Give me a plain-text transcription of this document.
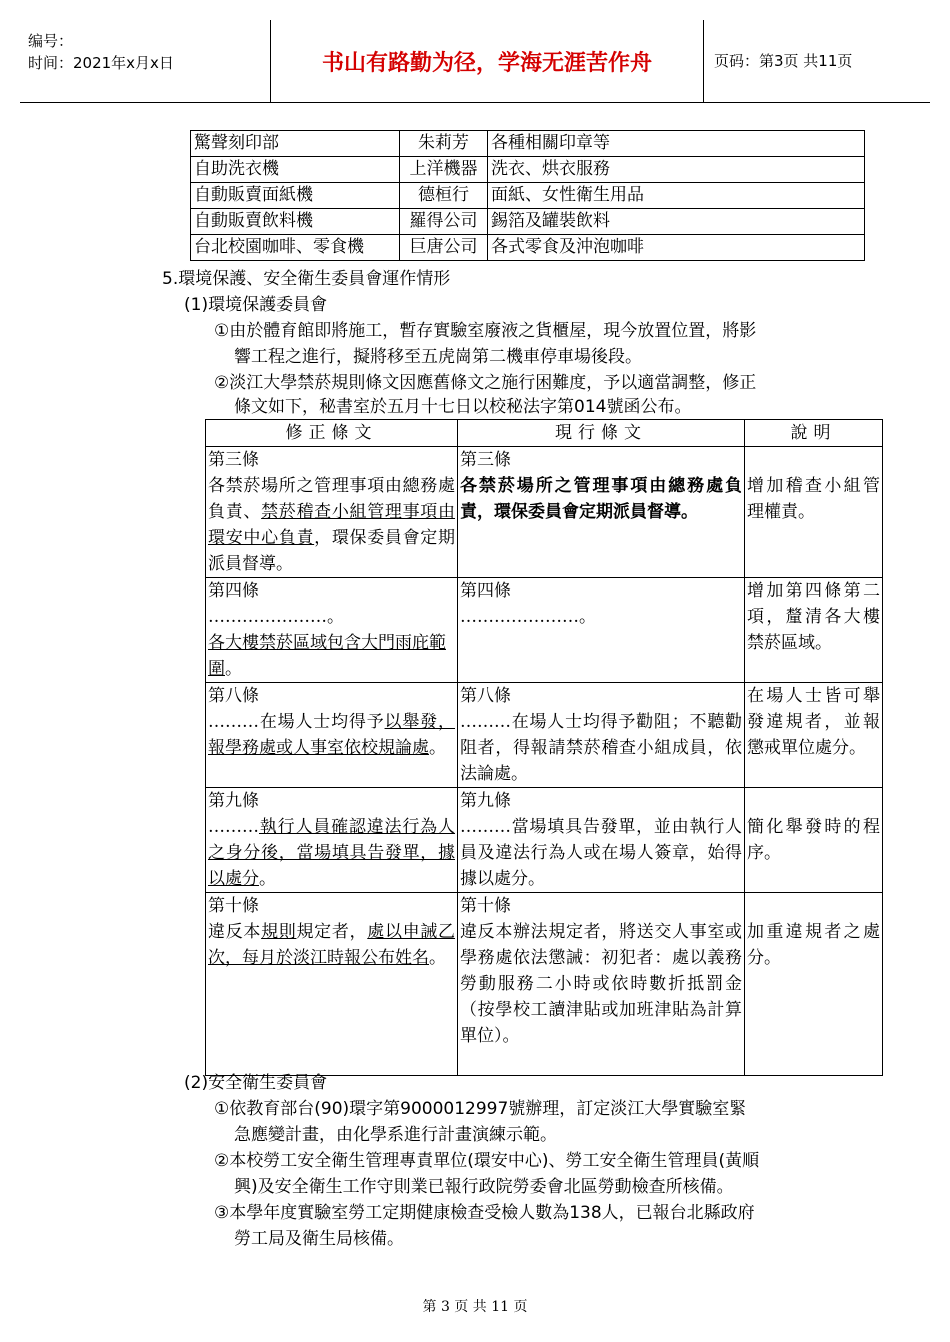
编号：
时间：2021年x月x日	书山有路勤为径，学海无涯苦作舟	页码：第3页 共11页
驚聲刻印部	朱莉芳	各種相關印章等
自助洗衣機	上洋機器	洗衣、烘衣服務
自動販賣面紙機	德桓行	面紙、女性衛生用品
自動販賣飲料機	羅得公司	錫箔及罐裝飲料
台北校園咖啡、零食機	巨唐公司	各式零食及沖泡咖啡
5.環境保護、安全衛生委員會運作情形
(1)環境保護委員會
①由於體育館即將施工，暫存實驗室廢液之貨櫃屋，現今放置位置，將影
響工程之進行，擬將移至五虎崗第二機車停車場後段。
②淡江大學禁菸規則條文因應舊條文之施行困難度，予以適當調整，修正
條文如下，秘書室於五月十七日以校秘法字第014號函公布。
修正條文	現行條文	說明

第三條
各禁菸場所之管理事項由總務處負責、禁菸稽查小組管理事項由環安中心負責，環保委員會定期派員督導。	第三條
各禁菸場所之管理事項由總務處負責，環保委員會定期派員督導。	增加稽查小組管理權責。

第四條
…………………。
各大樓禁菸區域包含大門雨庇範圍。	第四條
…………………。	增加第四條第二項，釐清各大樓禁菸區域。

第八條
………在場人士均得予以舉發，報學務處或人事室依校規論處。	第八條
………在場人士均得予勸阻；不聽勸阻者，得報請禁菸稽查小組成員，依法論處。	在場人士皆可舉發違規者，並報懲戒單位處分。

第九條
………執行人員確認違法行為人之身分後，當場填具告發單，據以處分。	第九條
………當場填具告發單，並由執行人員及違法行為人或在場人簽章，始得據以處分。	簡化舉發時的程序。

第十條
違反本規則規定者，處以申誡乙次，每月於淡江時報公布姓名。	第十條
違反本辦法規定者，將送交人事室或學務處依法懲誡：初犯者：處以義務勞動服務二小時或依時數折抵罰金（按學校工讀津貼或加班津貼為計算單位）。	加重違規者之處分。
(2)安全衛生委員會
①依教育部台(90)環字第9000012997號辦理，訂定淡江大學實驗室緊
急應變計畫，由化學系進行計畫演練示範。
②本校勞工安全衛生管理專責單位(環安中心)、勞工安全衛生管理員(黃順
興)及安全衛生工作守則業已報行政院勞委會北區勞動檢查所核備。
③本學年度實驗室勞工定期健康檢查受檢人數為138人，已報台北縣政府
勞工局及衛生局核備。
第 3 页 共 11 页
